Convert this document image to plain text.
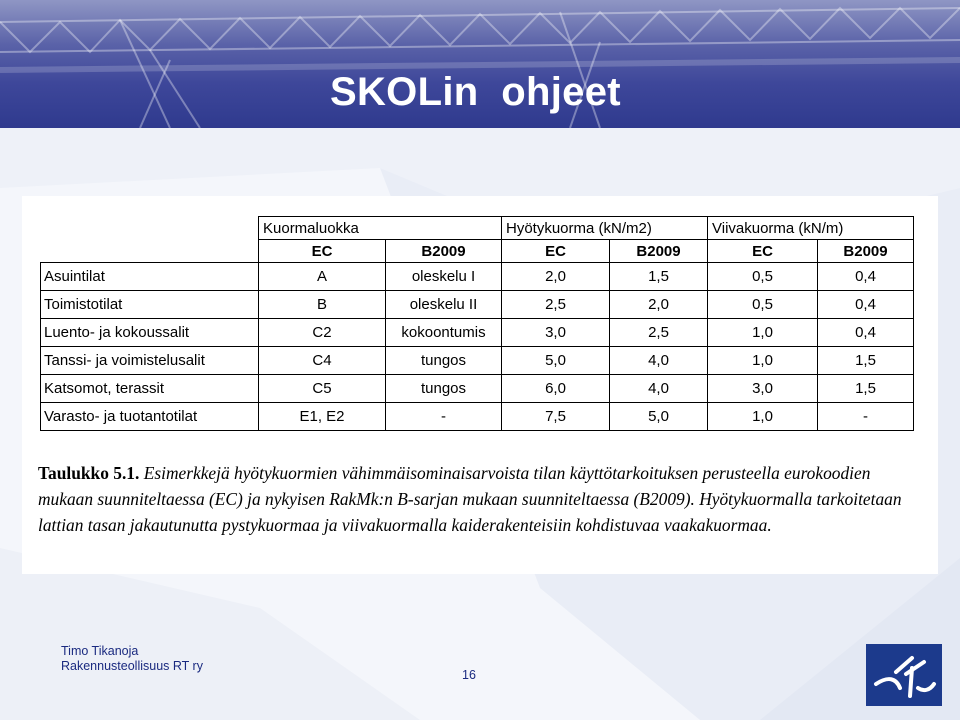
SKOLin  ohjeet
	Kuormaluokka		Hyötykuorma (kN/m2)		Viivakuorma (kN/m)	
	EC	B2009	EC	B2009	EC	B2009
Asuintilat	A	oleskelu I	2,0	1,5	0,5	0,4
Toimistotilat	B	oleskelu II	2,5	2,0	0,5	0,4
Luento- ja kokoussalit	C2	kokoontumis	3,0	2,5	1,0	0,4
Tanssi- ja voimistelusalit	C4	tungos	5,0	4,0	1,0	1,5
Katsomot, terassit	C5	tungos	6,0	4,0	3,0	1,5
Varasto- ja tuotantotilat	E1, E2	-	7,5	5,0	1,0	-
Taulukko 5.1. Esimerkkejä hyötykuormien vähimmäisominaisarvoista tilan käyttötarkoituksen perusteella eurokoodien mukaan suunniteltaessa (EC) ja nykyisen RakMk:n B-sarjan mukaan suunniteltaessa (B2009). Hyötykuormalla tarkoitetaan lattian tasan jakautunutta pystykuormaa ja viivakuormalla kaiderakenteisiin kohdistuvaa vaakakuormaa.
Timo Tikanoja
Rakennusteollisuus RT ry
16
